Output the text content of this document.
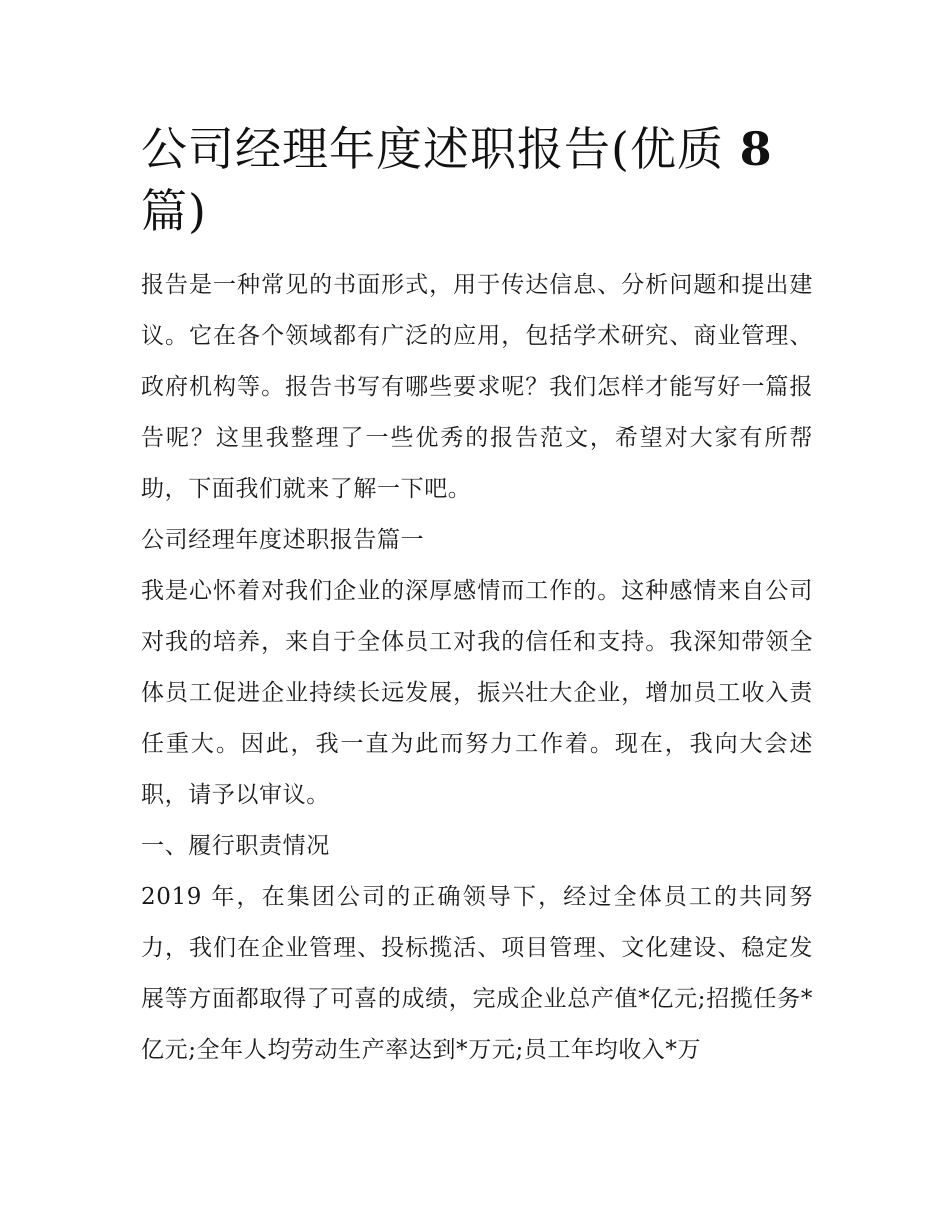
公司经理年度述职报告(优质 8
篇)

报告是一种常见的书面形式，用于传达信息、分析问题和提出建议。它在各个领域都有广泛的应用，包括学术研究、商业管理、政府机构等。报告书写有哪些要求呢？我们怎样才能写好一篇报告呢？这里我整理了一些优秀的报告范文，希望对大家有所帮助，下面我们就来了解一下吧。

公司经理年度述职报告篇一

我是心怀着对我们企业的深厚感情而工作的。这种感情来自公司对我的培养，来自于全体员工对我的信任和支持。我深知带领全体员工促进企业持续长远发展，振兴壮大企业，增加员工收入责任重大。因此，我一直为此而努力工作着。现在，我向大会述职，请予以审议。

一、履行职责情况

2019 年，在集团公司的正确领导下，经过全体员工的共同努力，我们在企业管理、投标揽活、项目管理、文化建设、稳定发展等方面都取得了可喜的成绩，完成企业总产值*亿元;招揽任务*亿元;全年人均劳动生产率达到*万元;员工年均收入*万
